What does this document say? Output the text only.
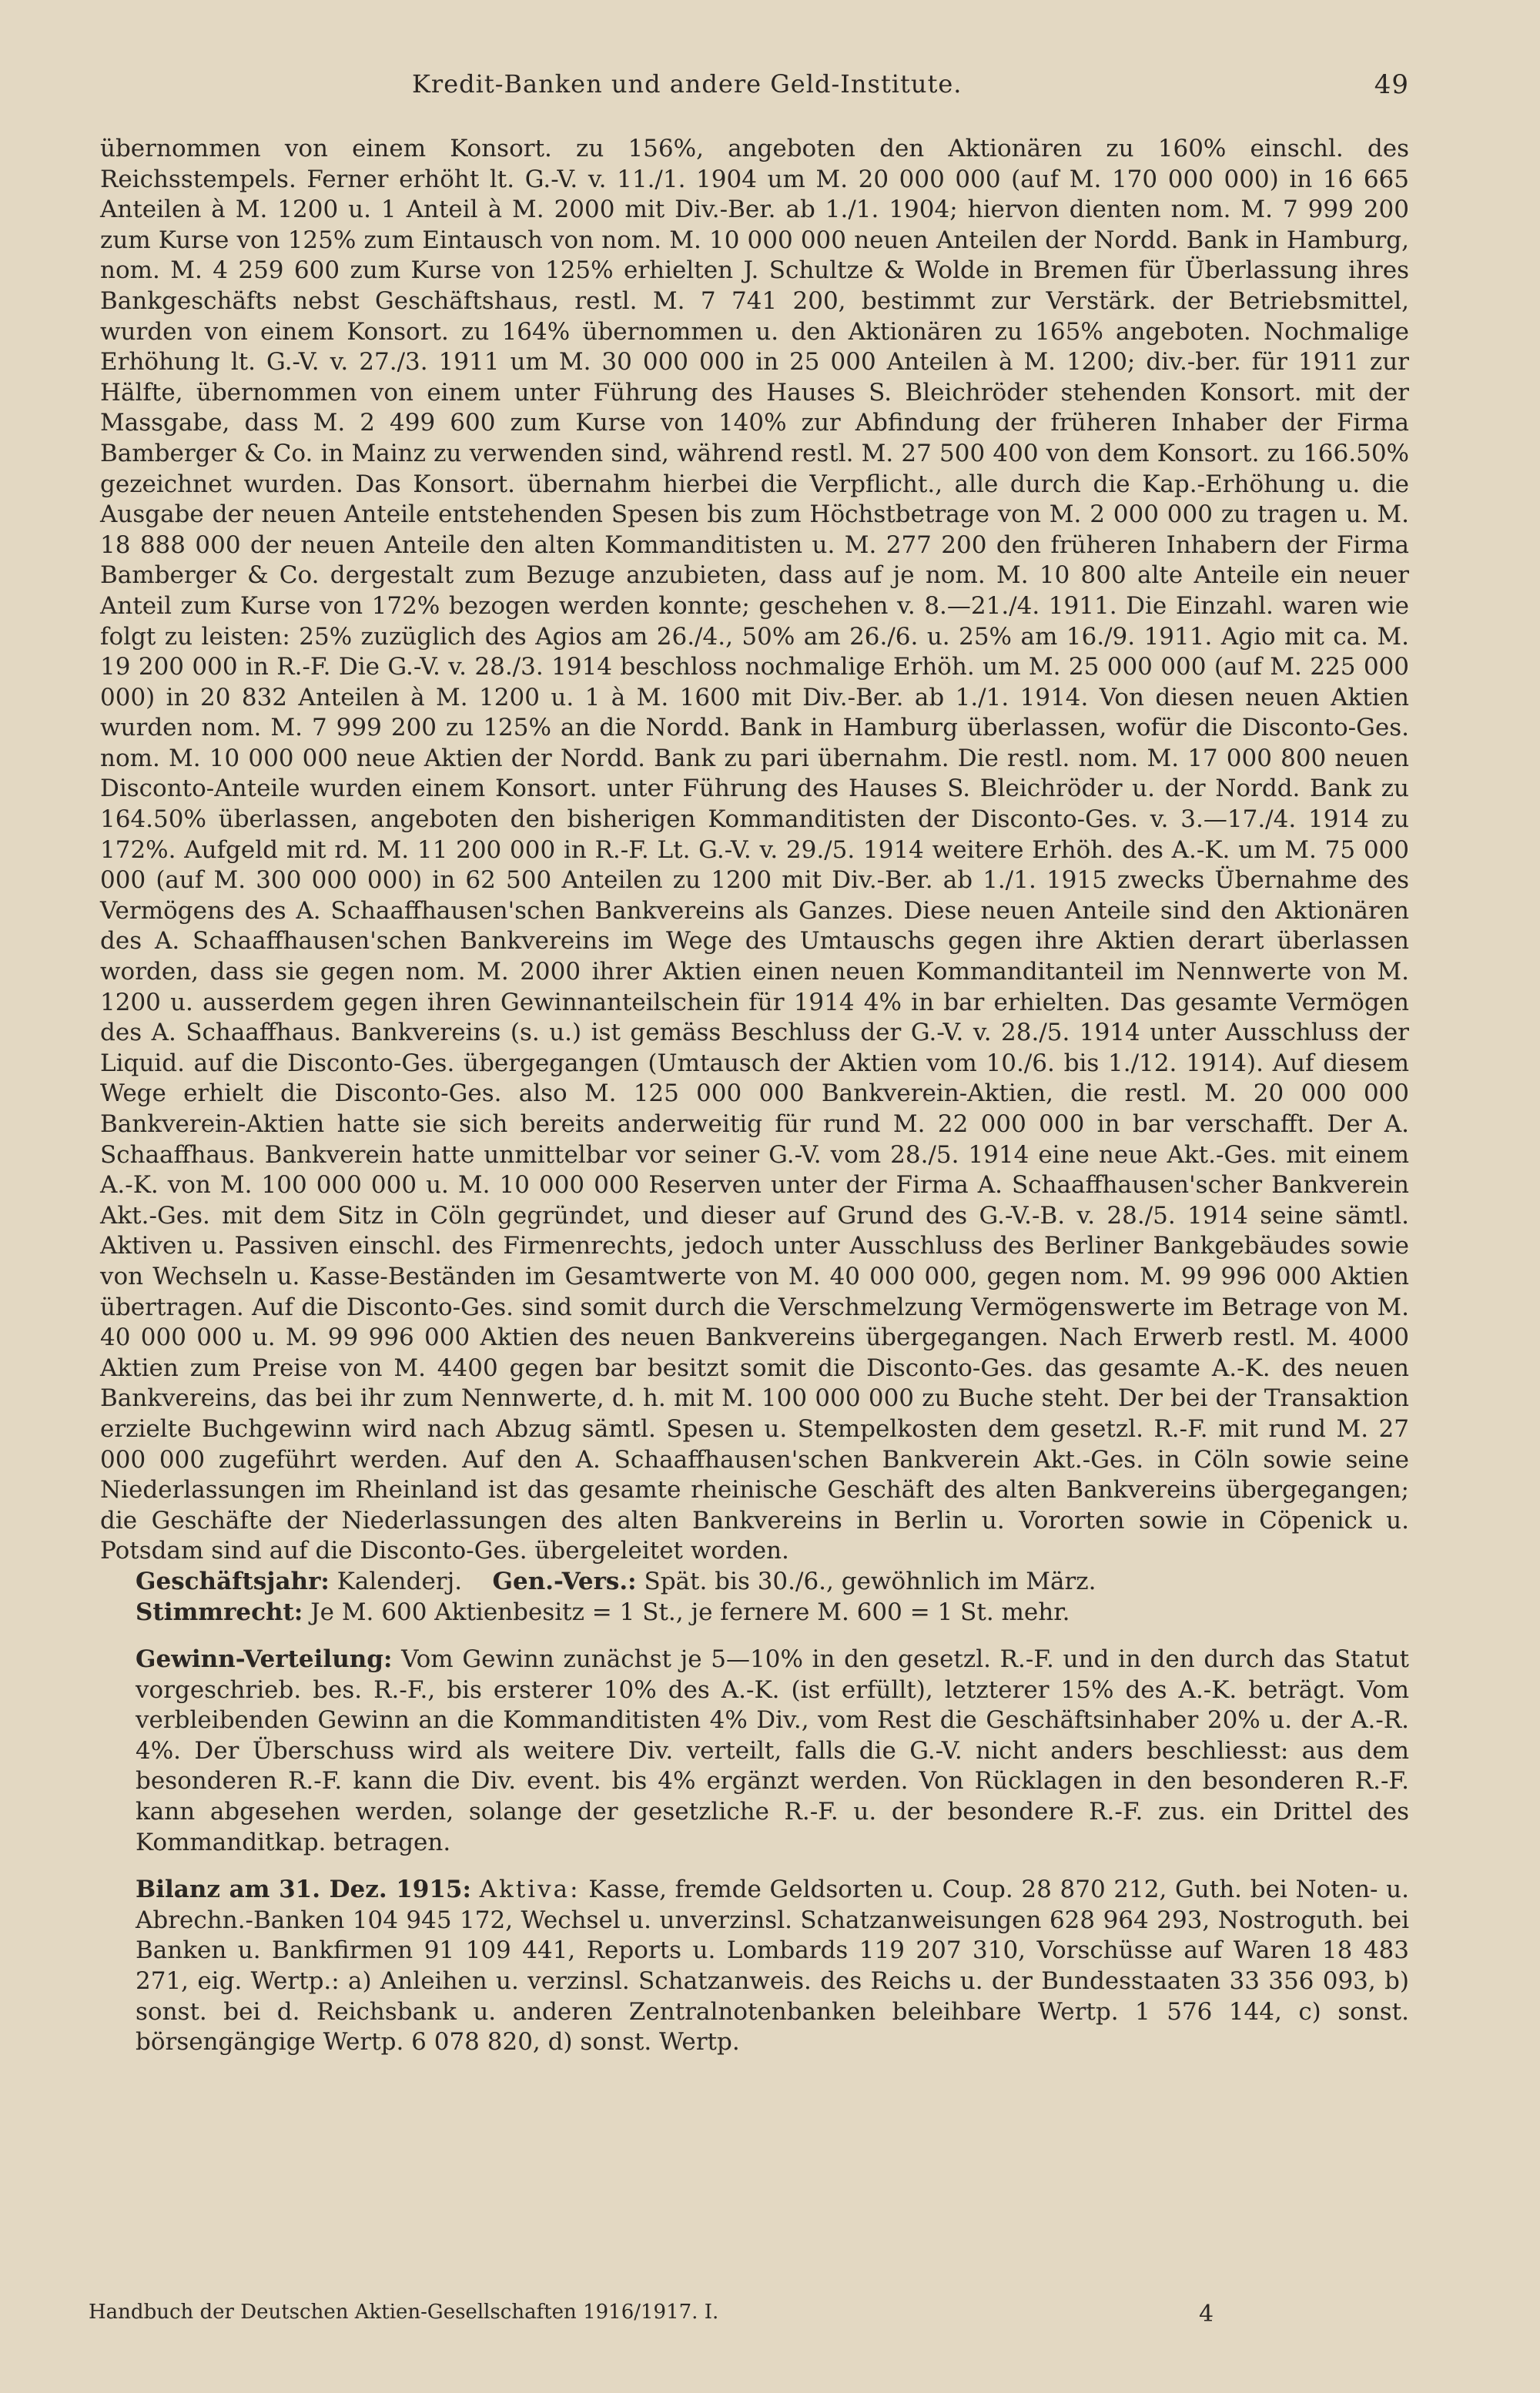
Kredit-Banken und andere Geld-Institute.	49

übernommen von einem Konsort. zu 156%, angeboten den Aktionären zu 160% einschl. des Reichsstempels. Ferner erhöht lt. G.-V. v. 11./1. 1904 um M. 20 000 000 (auf M. 170 000 000) in 16 665 Anteilen à M. 1200 u. 1 Anteil à M. 2000 mit Div.-Ber. ab 1./1. 1904; hiervon dienten nom. M. 7 999 200 zum Kurse von 125% zum Eintausch von nom. M. 10 000 000 neuen Anteilen der Nordd. Bank in Hamburg, nom. M. 4 259 600 zum Kurse von 125% erhielten J. Schultze & Wolde in Bremen für Überlassung ihres Bankgeschäfts nebst Geschäftshaus, restl. M. 7 741 200, bestimmt zur Verstärk. der Betriebsmittel, wurden von einem Konsort. zu 164% übernommen u. den Aktionären zu 165% angeboten. Nochmalige Erhöhung lt. G.-V. v. 27./3. 1911 um M. 30 000 000 in 25 000 Anteilen à M. 1200; div.-ber. für 1911 zur Hälfte, übernommen von einem unter Führung des Hauses S. Bleichröder stehenden Konsort. mit der Massgabe, dass M. 2 499 600 zum Kurse von 140% zur Abfindung der früheren Inhaber der Firma Bamberger & Co. in Mainz zu verwenden sind, während restl. M. 27 500 400 von dem Konsort. zu 166.50% gezeichnet wurden. Das Konsort. übernahm hierbei die Verpflicht., alle durch die Kap.-Erhöhung u. die Ausgabe der neuen Anteile entstehenden Spesen bis zum Höchstbetrage von M. 2 000 000 zu tragen u. M. 18 888 000 der neuen Anteile den alten Kommanditisten u. M. 277 200 den früheren Inhabern der Firma Bamberger & Co. dergestalt zum Bezuge anzubieten, dass auf je nom. M. 10 800 alte Anteile ein neuer Anteil zum Kurse von 172% bezogen werden konnte; geschehen v. 8.—21./4. 1911. Die Einzahl. waren wie folgt zu leisten: 25% zuzüglich des Agios am 26./4., 50% am 26./6. u. 25% am 16./9. 1911. Agio mit ca. M. 19 200 000 in R.-F. Die G.-V. v. 28./3. 1914 beschloss nochmalige Erhöh. um M. 25 000 000 (auf M. 225 000 000) in 20 832 Anteilen à M. 1200 u. 1 à M. 1600 mit Div.-Ber. ab 1./1. 1914. Von diesen neuen Aktien wurden nom. M. 7 999 200 zu 125% an die Nordd. Bank in Hamburg überlassen, wofür die Disconto-Ges. nom. M. 10 000 000 neue Aktien der Nordd. Bank zu pari übernahm. Die restl. nom. M. 17 000 800 neuen Disconto-Anteile wurden einem Konsort. unter Führung des Hauses S. Bleichröder u. der Nordd. Bank zu 164.50% überlassen, angeboten den bisherigen Kommanditisten der Disconto-Ges. v. 3.—17./4. 1914 zu 172%. Aufgeld mit rd. M. 11 200 000 in R.-F. Lt. G.-V. v. 29./5. 1914 weitere Erhöh. des A.-K. um M. 75 000 000 (auf M. 300 000 000) in 62 500 Anteilen zu 1200 mit Div.-Ber. ab 1./1. 1915 zwecks Übernahme des Vermögens des A. Schaaffhausen'schen Bankvereins als Ganzes. Diese neuen Anteile sind den Aktionären des A. Schaaffhausen'schen Bankvereins im Wege des Umtauschs gegen ihre Aktien derart überlassen worden, dass sie gegen nom. M. 2000 ihrer Aktien einen neuen Kommanditanteil im Nennwerte von M. 1200 u. ausserdem gegen ihren Gewinnanteilschein für 1914 4% in bar erhielten. Das gesamte Vermögen des A. Schaaffhaus. Bankvereins (s. u.) ist gemäss Beschluss der G.-V. v. 28./5. 1914 unter Ausschluss der Liquid. auf die Disconto-Ges. übergegangen (Umtausch der Aktien vom 10./6. bis 1./12. 1914). Auf diesem Wege erhielt die Disconto-Ges. also M. 125 000 000 Bankverein-Aktien, die restl. M. 20 000 000 Bankverein-Aktien hatte sie sich bereits anderweitig für rund M. 22 000 000 in bar verschafft. Der A. Schaaffhaus. Bankverein hatte unmittelbar vor seiner G.-V. vom 28./5. 1914 eine neue Akt.-Ges. mit einem A.-K. von M. 100 000 000 u. M. 10 000 000 Reserven unter der Firma A. Schaaffhausen'scher Bankverein Akt.-Ges. mit dem Sitz in Cöln gegründet, und dieser auf Grund des G.-V.-B. v. 28./5. 1914 seine sämtl. Aktiven u. Passiven einschl. des Firmenrechts, jedoch unter Ausschluss des Berliner Bankgebäudes sowie von Wechseln u. Kasse-Beständen im Gesamtwerte von M. 40 000 000, gegen nom. M. 99 996 000 Aktien übertragen. Auf die Disconto-Ges. sind somit durch die Verschmelzung Vermögenswerte im Betrage von M. 40 000 000 u. M. 99 996 000 Aktien des neuen Bankvereins übergegangen. Nach Erwerb restl. M. 4000 Aktien zum Preise von M. 4400 gegen bar besitzt somit die Disconto-Ges. das gesamte A.-K. des neuen Bankvereins, das bei ihr zum Nennwerte, d. h. mit M. 100 000 000 zu Buche steht. Der bei der Transaktion erzielte Buchgewinn wird nach Abzug sämtl. Spesen u. Stempelkosten dem gesetzl. R.-F. mit rund M. 27 000 000 zugeführt werden. Auf den A. Schaaffhausen'schen Bankverein Akt.-Ges. in Cöln sowie seine Niederlassungen im Rheinland ist das gesamte rheinische Geschäft des alten Bankvereins übergegangen; die Geschäfte der Niederlassungen des alten Bankvereins in Berlin u. Vororten sowie in Cöpenick u. Potsdam sind auf die Disconto-Ges. übergeleitet worden.

Geschäftsjahr: Kalenderj. Gen.-Vers.: Spät. bis 30./6., gewöhnlich im März.

Stimmrecht: Je M. 600 Aktienbesitz = 1 St., je fernere M. 600 = 1 St. mehr.

Gewinn-Verteilung: Vom Gewinn zunächst je 5—10% in den gesetzl. R.-F. und in den durch das Statut vorgeschrieb. bes. R.-F., bis ersterer 10% des A.-K. (ist erfüllt), letzterer 15% des A.-K. beträgt. Vom verbleibenden Gewinn an die Kommanditisten 4% Div., vom Rest die Geschäftsinhaber 20% u. der A.-R. 4%. Der Überschuss wird als weitere Div. verteilt, falls die G.-V. nicht anders beschliesst: aus dem besonderen R.-F. kann die Div. event. bis 4% ergänzt werden. Von Rücklagen in den besonderen R.-F. kann abgesehen werden, solange der gesetzliche R.-F. u. der besondere R.-F. zus. ein Drittel des Kommanditkap. betragen.

Bilanz am 31. Dez. 1915: Aktiva: Kasse, fremde Geldsorten u. Coup. 28 870 212, Guth. bei Noten- u. Abrechn.-Banken 104 945 172, Wechsel u. unverzinsl. Schatzanweisungen 628 964 293, Nostroguth. bei Banken u. Bankfirmen 91 109 441, Reports u. Lombards 119 207 310, Vorschüsse auf Waren 18 483 271, eig. Wertp.: a) Anleihen u. verzinsl. Schatzanweis. des Reichs u. der Bundesstaaten 33 356 093, b) sonst. bei d. Reichsbank u. anderen Zentralnotenbanken beleihbare Wertp. 1 576 144, c) sonst. börsengängige Wertp. 6 078 820, d) sonst. Wertp.

Handbuch der Deutschen Aktien-Gesellschaften 1916/1917. I.	4
